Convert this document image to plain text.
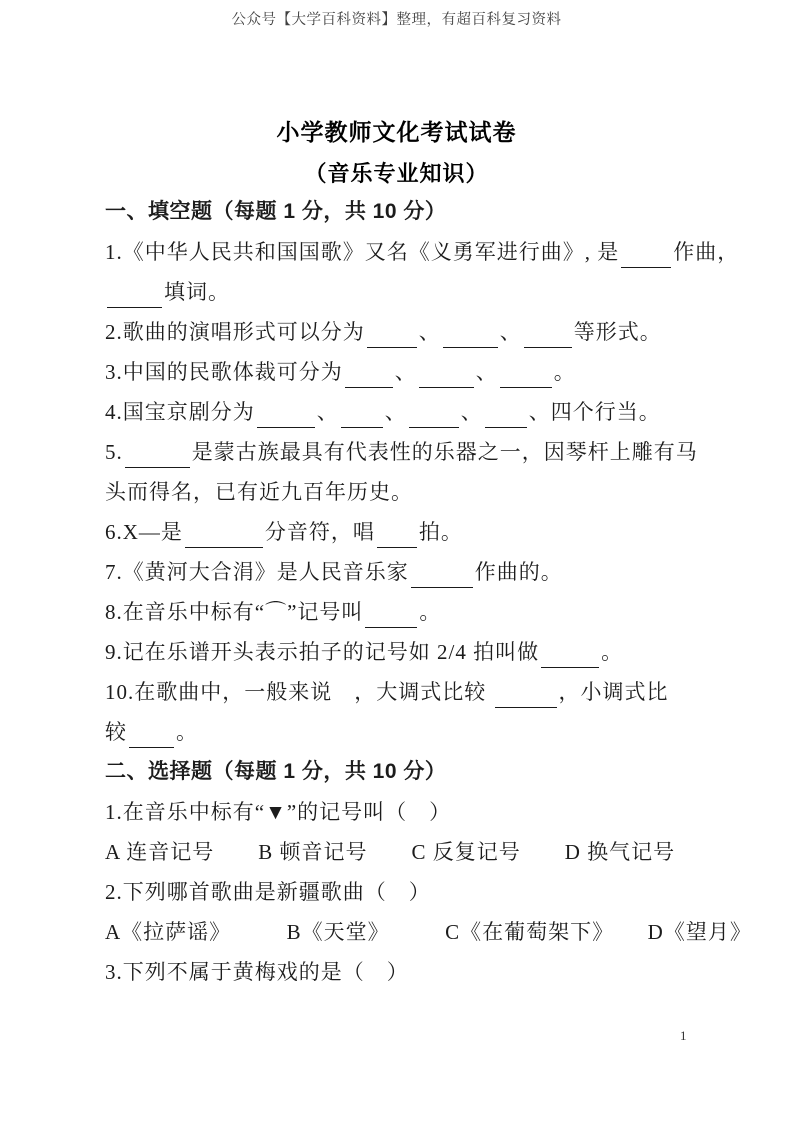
公众号【大学百科资料】整理，有超百科复习资料
小学教师文化考试试卷
（音乐专业知识）
一、填空题（每题 1 分，共 10 分）
1.《中华人民共和国国歌》又名《义勇军进行曲》, 是	作曲，
填词。
2.歌曲的演唱形式可以分为	、	、 等形式。
3.中国的民歌体裁可分为 、	、	。
4.国宝京剧分为	、 、	、 、四个行当。
5.	是蒙古族最具有代表性的乐器之一，因琴杆上雕有马
头而得名，已有近九百年历史。
6.X—是	分音符，唱 拍。
7.《黄河大合涓》是人民音乐家	作曲的。
8.在音乐中标有“⌒”记号叫	。
9.记在乐谱开头表示拍子的记号如 2/4 拍叫做	。
10.在歌曲中，一般来说　，大调式比较	，小调式比
较 。
二、选择题（每题 1 分，共 10 分）
1.在音乐中标有“▼”的记号叫（　）
A 连音记号　　B 顿音记号　　C 反复记号　　D 换气记号
2.下列哪首歌曲是新疆歌曲（　）
A《拉萨谣》　　　B《天堂》　　　C《在葡萄架下》　　D《望月》
3.下列不属于黄梅戏的是（　）
1
